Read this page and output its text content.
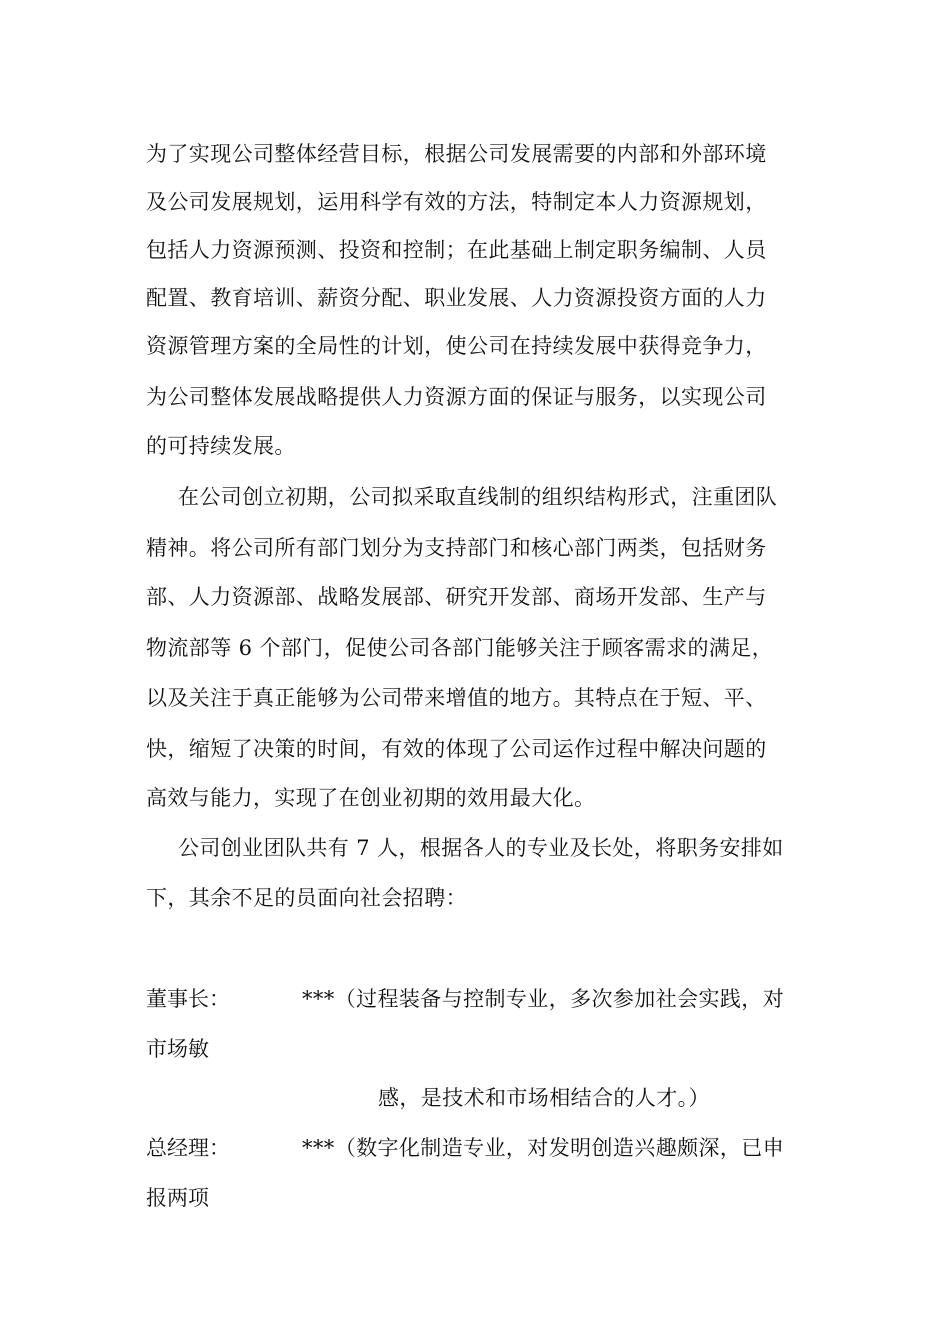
为了实现公司整体经营目标，根据公司发展需要的内部和外部环境
及公司发展规划，运用科学有效的方法，特制定本人力资源规划，
包括人力资源预测、投资和控制；在此基础上制定职务编制、人员
配置、教育培训、薪资分配、职业发展、人力资源投资方面的人力
资源管理方案的全局性的计划，使公司在持续发展中获得竞争力，
为公司整体发展战略提供人力资源方面的保证与服务，以实现公司
的可持续发展。
在公司创立初期，公司拟采取直线制的组织结构形式，注重团队
精神。将公司所有部门划分为支持部门和核心部门两类，包括财务
部、人力资源部、战略发展部、研究开发部、商场开发部、生产与
物流部等 6 个部门，促使公司各部门能够关注于顾客需求的满足，
以及关注于真正能够为公司带来增值的地方。其特点在于短、平、
快，缩短了决策的时间，有效的体现了公司运作过程中解决问题的
高效与能力，实现了在创业初期的效用最大化。
公司创业团队共有 7 人，根据各人的专业及长处，将职务安排如
下，其余不足的员面向社会招聘：
董事长：	***（过程装备与控制专业，多次参加社会实践，对
市场敏
感，是技术和市场相结合的人才。）
总经理：	***（数字化制造专业，对发明创造兴趣颇深，已申
报两项
